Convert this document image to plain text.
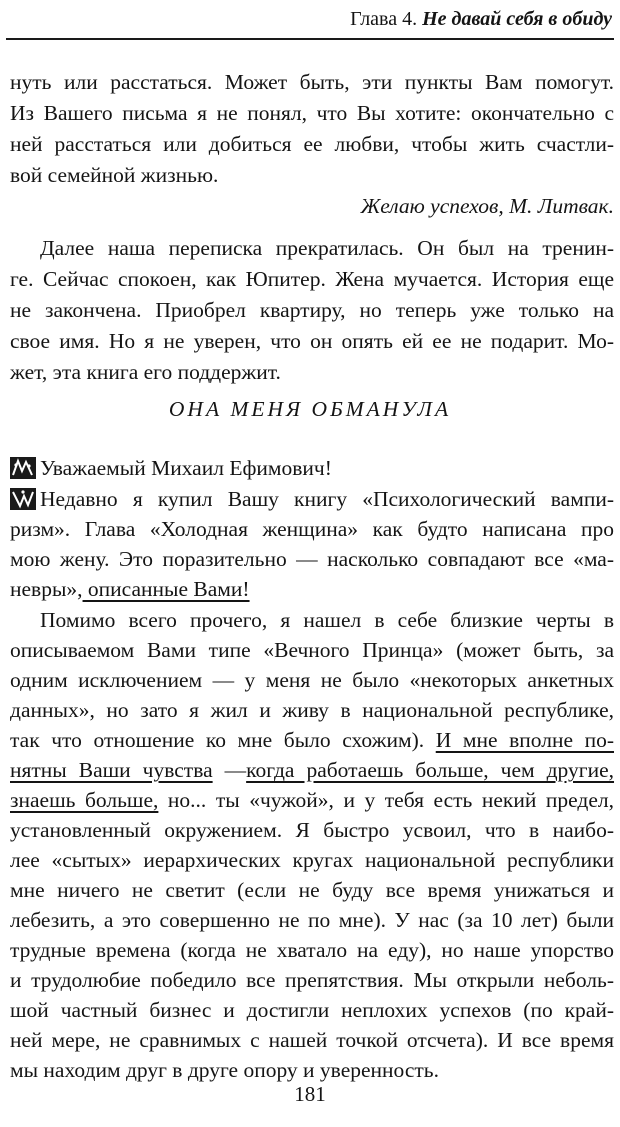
Глава 4. Не давай себя в обиду
нуть или расстаться. Может быть, эти пункты Вам помогут.
Из Вашего письма я не понял, что Вы хотите: окончательно с
ней расстаться или добиться ее любви, чтобы жить счастли-
вой семейной жизнью.
Желаю успехов, М. Литвак.
Далее наша переписка прекратилась. Он был на тренин-
ге. Сейчас спокоен, как Юпитер. Жена мучается. История еще
не закончена. Приобрел квартиру, но теперь уже только на
свое имя. Но я не уверен, что он опять ей ее не подарит. Мо-
жет, эта книга его поддержит.
ОНА МЕНЯ ОБМАНУЛА
Уважаемый Михаил Ефимович!
Недавно я купил Вашу книгу «Психологический вампи-
ризм». Глава «Холодная женщина» как будто написана про
мою жену. Это поразительно — насколько совпадают все «ма-
невры», описанные Вами!
Помимо всего прочего, я нашел в себе близкие черты в
описываемом Вами типе «Вечного Принца» (может быть, за
одним исключением — у меня не было «некоторых анкетных
данных», но зато я жил и живу в национальной республике,
так что отношение ко мне было схожим). И мне вполне по-
нятны Ваши чувства —когда работаешь больше, чем другие,
знаешь больше, но... ты «чужой», и у тебя есть некий предел,
установленный окружением. Я быстро усвоил, что в наибо-
лее «сытых» иерархических кругах национальной республики
мне ничего не светит (если не буду все время унижаться и
лебезить, а это совершенно не по мне). У нас (за 10 лет) были
трудные времена (когда не хватало на еду), но наше упорство
и трудолюбие победило все препятствия. Мы открыли неболь-
шой частный бизнес и достигли неплохих успехов (по край-
ней мере, не сравнимых с нашей точкой отсчета). И все время
мы находим друг в друге опору и уверенность.
181
